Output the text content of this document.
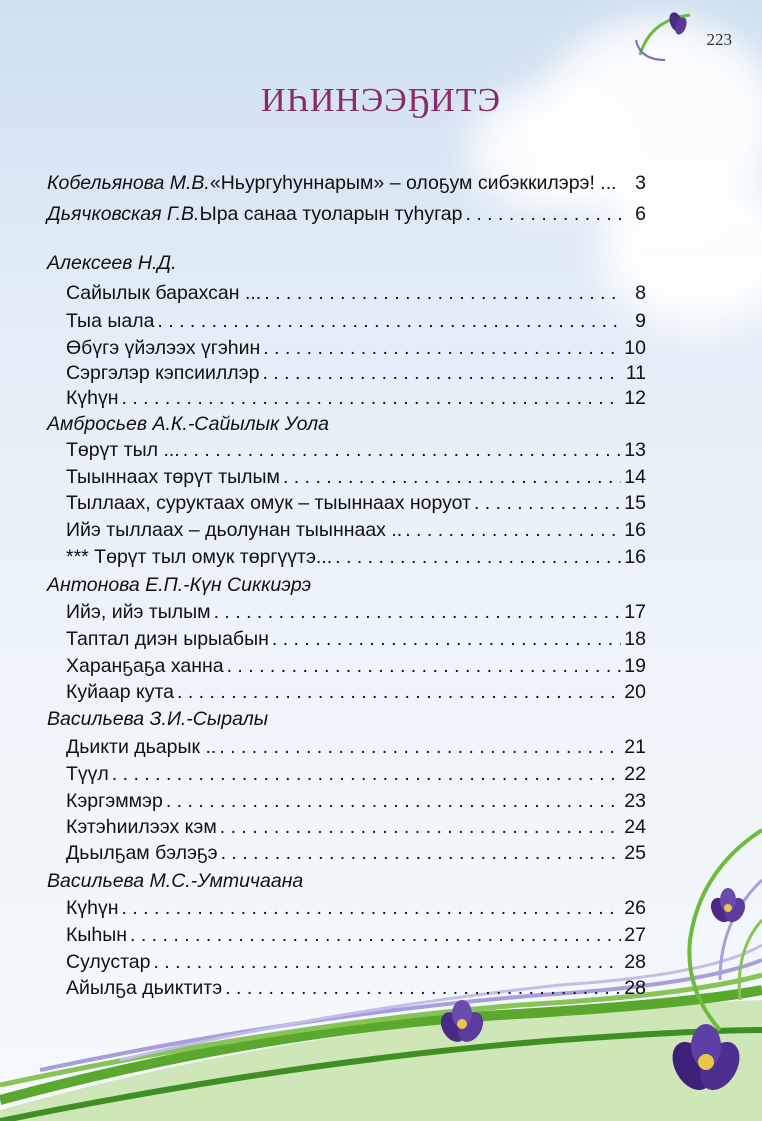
223
ИҺИНЭЭҔИТЭ
Кобельянова М.В. «Ньургуһуннарым» – олоҕум сибэккилэрэ! ... . . . 3
Дьячковская Г.В. Ыра санаа туоларын туһугар . . .	6
Алексеев Н.Д.
Сайылык барахсан ... . . .	8
Тыа ыала . . .	9
Өбүгэ үйэлээх үгэһин . . .	10
Сэргэлэр кэпсииллэр . . .	11
Күһүн . . .	12
Амбросьев А.К.-Сайылык Уола
Төрүт тыл ... . . .	13
Тыыннаах төрүт тылым . . .	14
Тыллаах, суруктаах омук – тыыннаах норуот . . .	15
Ийэ тыллаах – дьолунан тыыннаах .. . . .	16
*** Төрүт тыл омук төргүүтэ... . . .	16
Антонова Е.П.-Күн Сиккиэрэ
Ийэ, ийэ тылым . . .	17
Таптал диэн ырыабын . . .	18
Харанҕаҕа ханна . . .	19
Куйаар кута . . .	20
Васильева З.И.-Сыралы
Дьикти дьарык .. . . .	21
Түүл . . .	22
Кэргэммэр . . .	23
Кэтэһиилээх кэм . . .	24
Дьылҕам бэлэҕэ . . .	25
Васильева М.С.-Умтичаана
Күһүн . . .	26
Кыһын . . .	27
Сулустар . . .	28
Айылҕа дьиктитэ . . .	28
